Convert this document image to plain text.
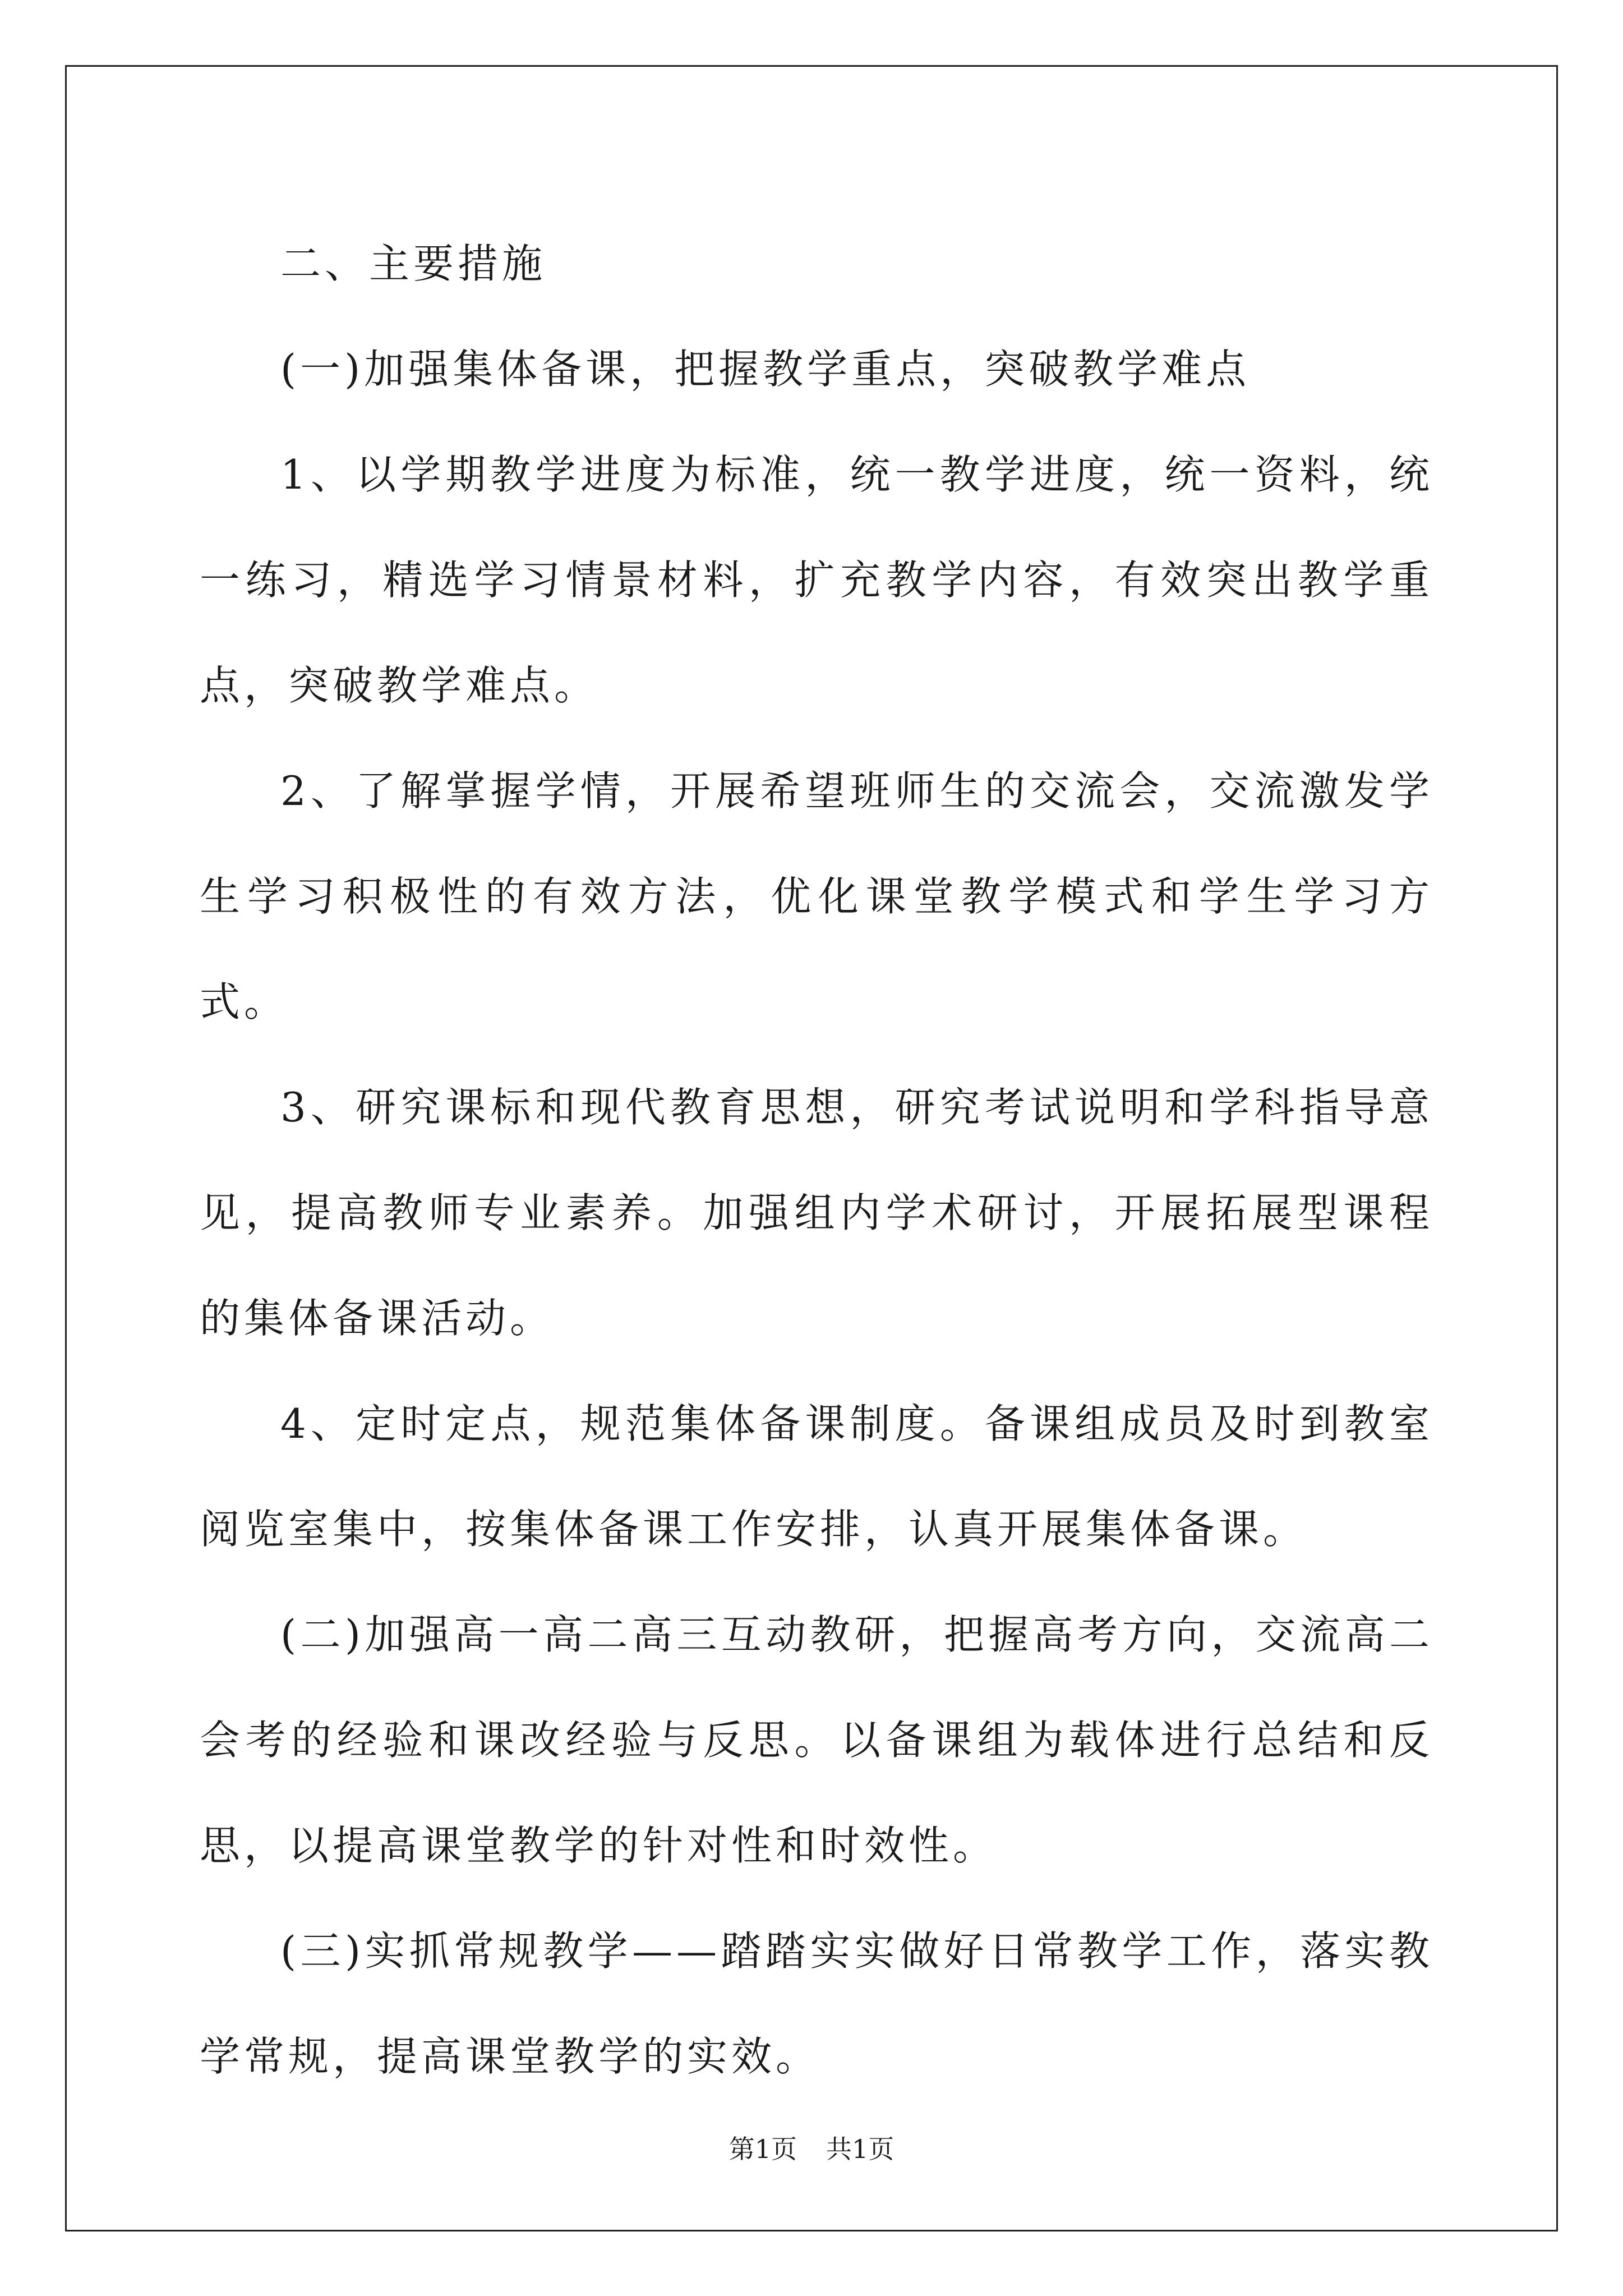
二、主要措施

(一)加强集体备课，把握教学重点，突破教学难点

1、以学期教学进度为标准，统一教学进度，统一资料，统一练习，精选学习情景材料，扩充教学内容，有效突出教学重点，突破教学难点。

2、了解掌握学情，开展希望班师生的交流会，交流激发学生学习积极性的有效方法，优化课堂教学模式和学生学习方式。

3、研究课标和现代教育思想，研究考试说明和学科指导意见，提高教师专业素养。加强组内学术研讨，开展拓展型课程的集体备课活动。

4、定时定点，规范集体备课制度。备课组成员及时到教室阅览室集中，按集体备课工作安排，认真开展集体备课。

(二)加强高一高二高三互动教研，把握高考方向，交流高二会考的经验和课改经验与反思。以备课组为载体进行总结和反思，以提高课堂教学的针对性和时效性。

(三)实抓常规教学——踏踏实实做好日常教学工作，落实教学常规，提高课堂教学的实效。

第1页 共1页
